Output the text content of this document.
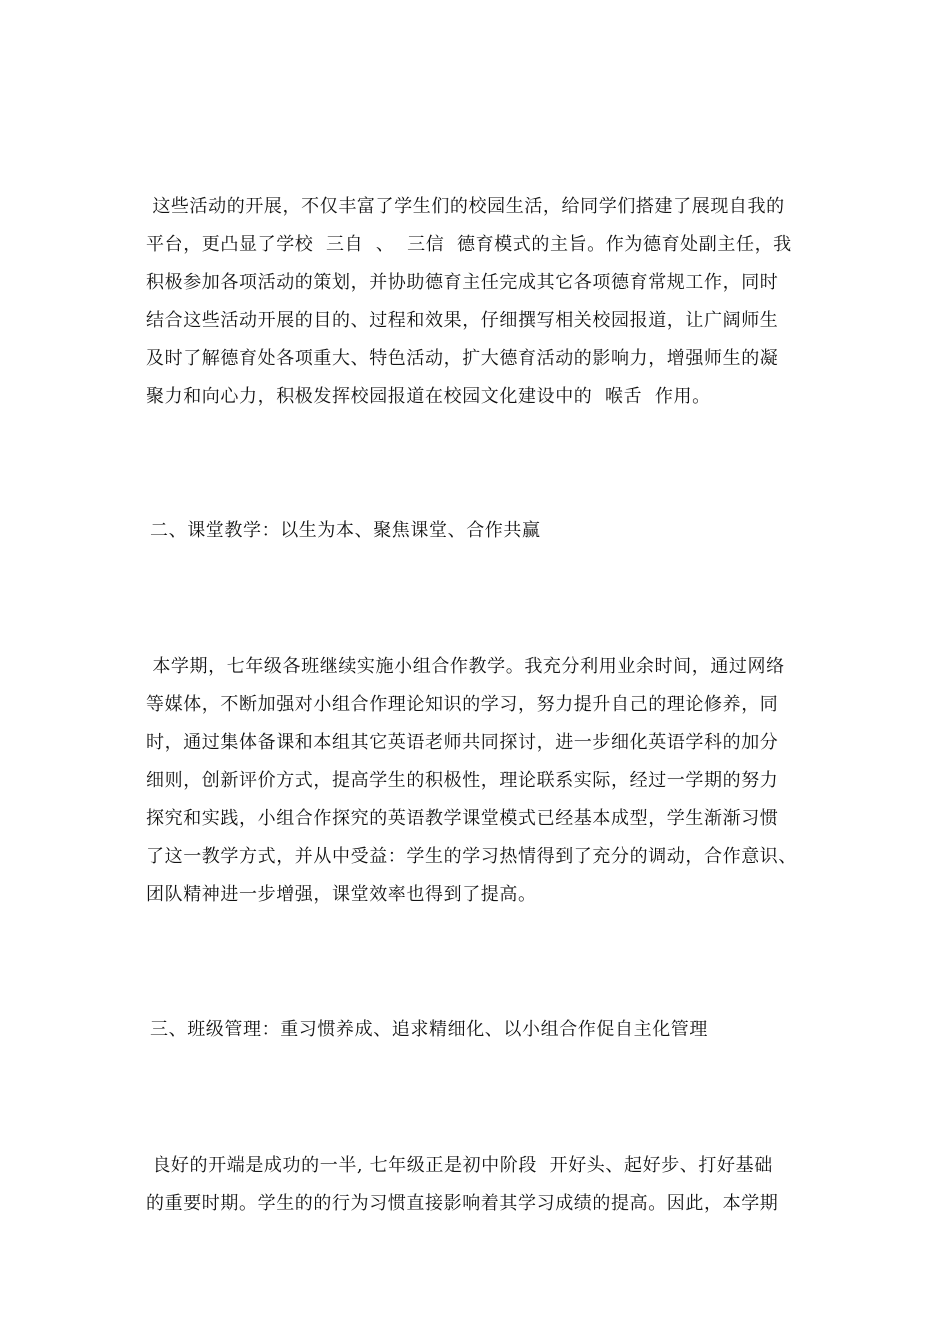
这些活动的开展，不仅丰富了学生们的校园生活，给同学们搭建了展现自我的
平台，更凸显了学校  三自  、  三信  德育模式的主旨。作为德育处副主任，我
积极参加各项活动的策划，并协助德育主任完成其它各项德育常规工作，同时
结合这些活动开展的目的、过程和效果，仔细撰写相关校园报道，让广阔师生
及时了解德育处各项重大、特色活动，扩大德育活动的影响力，增强师生的凝
聚力和向心力，积极发挥校园报道在校园文化建设中的  喉舌  作用。
二、课堂教学：以生为本、聚焦课堂、合作共赢
本学期，七年级各班继续实施小组合作教学。我充分利用业余时间，通过网络
等媒体，不断加强对小组合作理论知识的学习，努力提升自己的理论修养，同
时，通过集体备课和本组其它英语老师共同探讨，进一步细化英语学科的加分
细则，创新评价方式，提高学生的积极性，理论联系实际，经过一学期的努力
探究和实践，小组合作探究的英语教学课堂模式已经基本成型，学生渐渐习惯
了这一教学方式，并从中受益：学生的学习热情得到了充分的调动，合作意识、
团队精神进一步增强，课堂效率也得到了提高。
三、班级管理：重习惯养成、追求精细化、以小组合作促自主化管理
良好的开端是成功的一半, 七年级正是初中阶段  开好头、起好步、打好基础
的重要时期。学生的的行为习惯直接影响着其学习成绩的提高。因此，本学期
